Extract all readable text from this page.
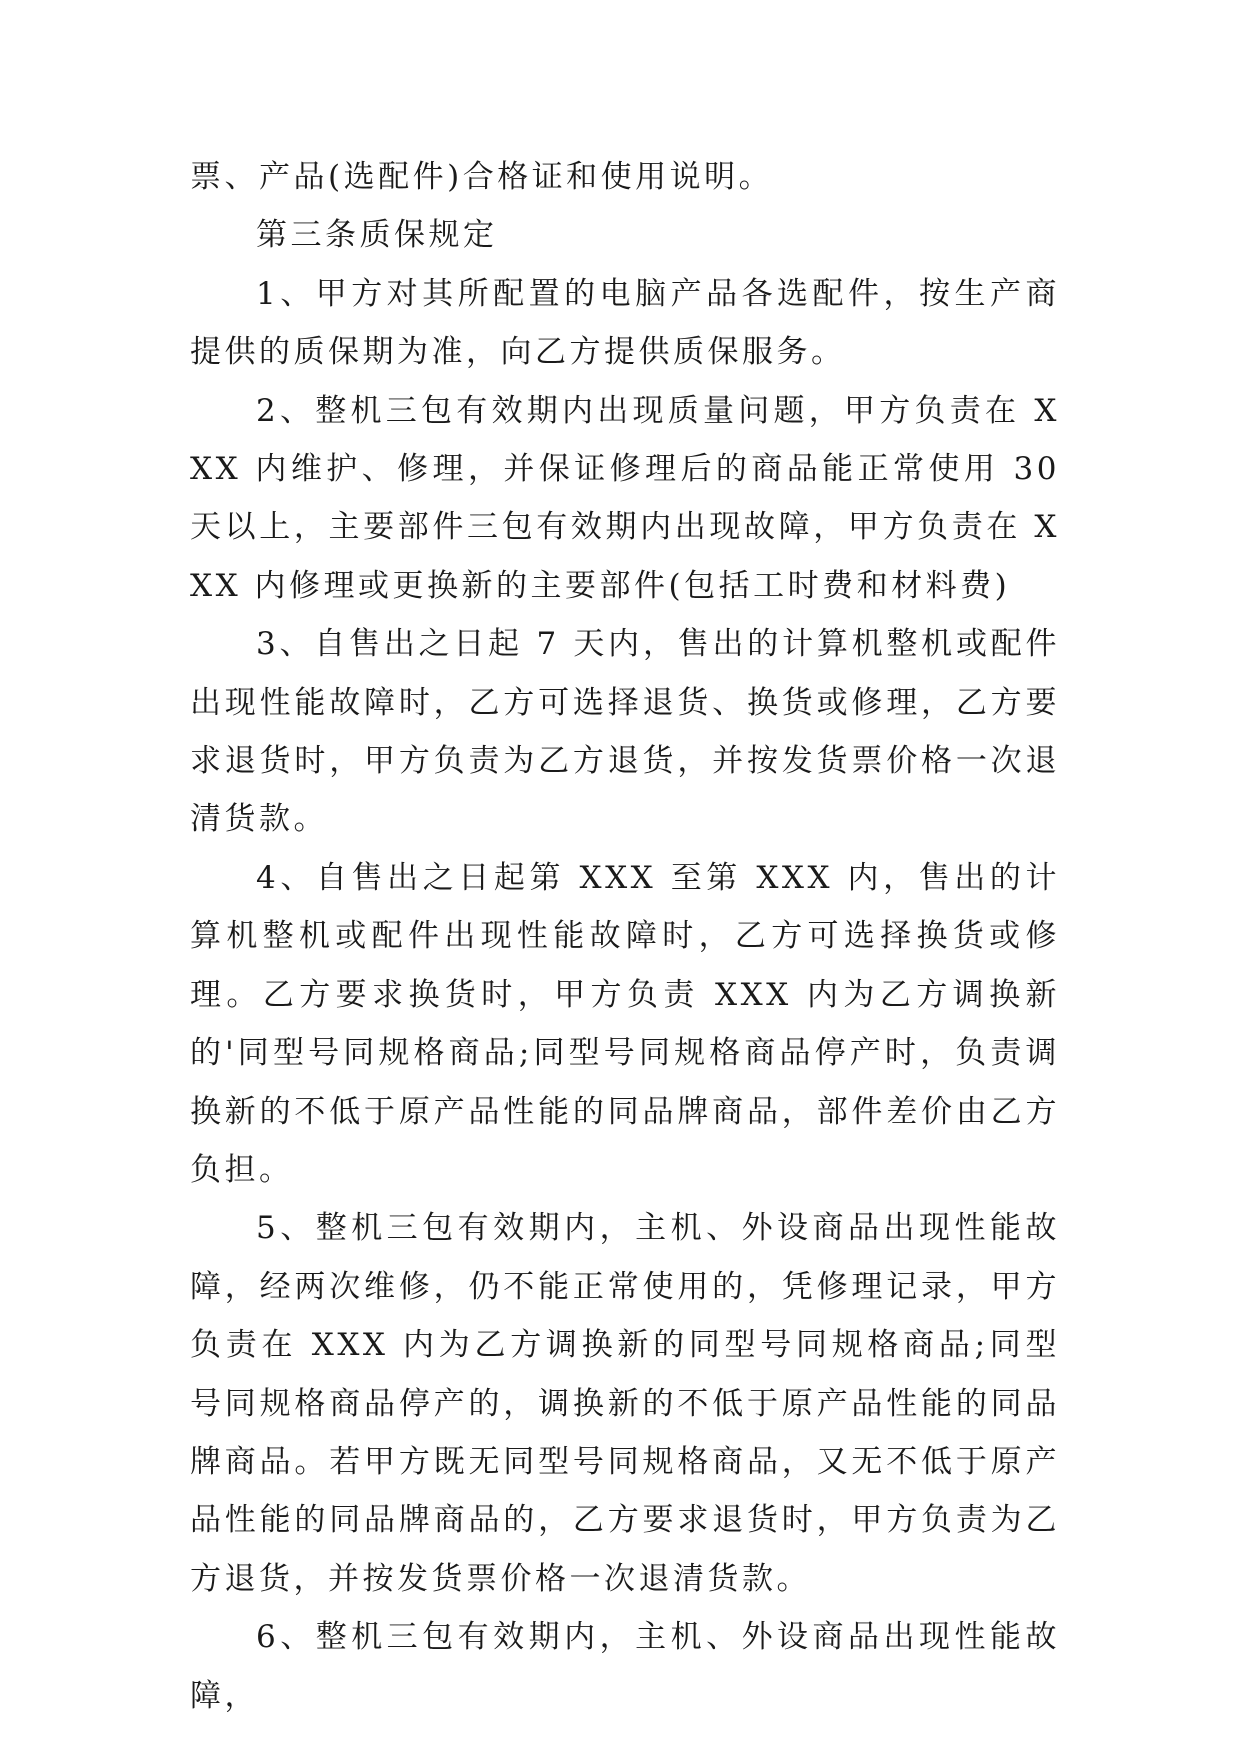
票、产品(选配件)合格证和使用说明。

第三条质保规定

1、甲方对其所配置的电脑产品各选配件，按生产商提供的质保期为准，向乙方提供质保服务。

2、整机三包有效期内出现质量问题，甲方负责在 XXX 内维护、修理，并保证修理后的商品能正常使用 30 天以上，主要部件三包有效期内出现故障，甲方负责在 XXX 内修理或更换新的主要部件(包括工时费和材料费)

3、自售出之日起 7 天内，售出的计算机整机或配件出现性能故障时，乙方可选择退货、换货或修理，乙方要求退货时，甲方负责为乙方退货，并按发货票价格一次退清货款。

4、自售出之日起第 XXX 至第 XXX 内，售出的计算机整机或配件出现性能故障时，乙方可选择换货或修理。乙方要求换货时，甲方负责 XXX 内为乙方调换新的'同型号同规格商品;同型号同规格商品停产时，负责调换新的不低于原产品性能的同品牌商品，部件差价由乙方负担。

5、整机三包有效期内，主机、外设商品出现性能故障，经两次维修，仍不能正常使用的，凭修理记录，甲方负责在 XXX 内为乙方调换新的同型号同规格商品;同型号同规格商品停产的，调换新的不低于原产品性能的同品牌商品。若甲方既无同型号同规格商品，又无不低于原产品性能的同品牌商品的，乙方要求退货时，甲方负责为乙方退货，并按发货票价格一次退清货款。

6、整机三包有效期内，主机、外设商品出现性能故障，
